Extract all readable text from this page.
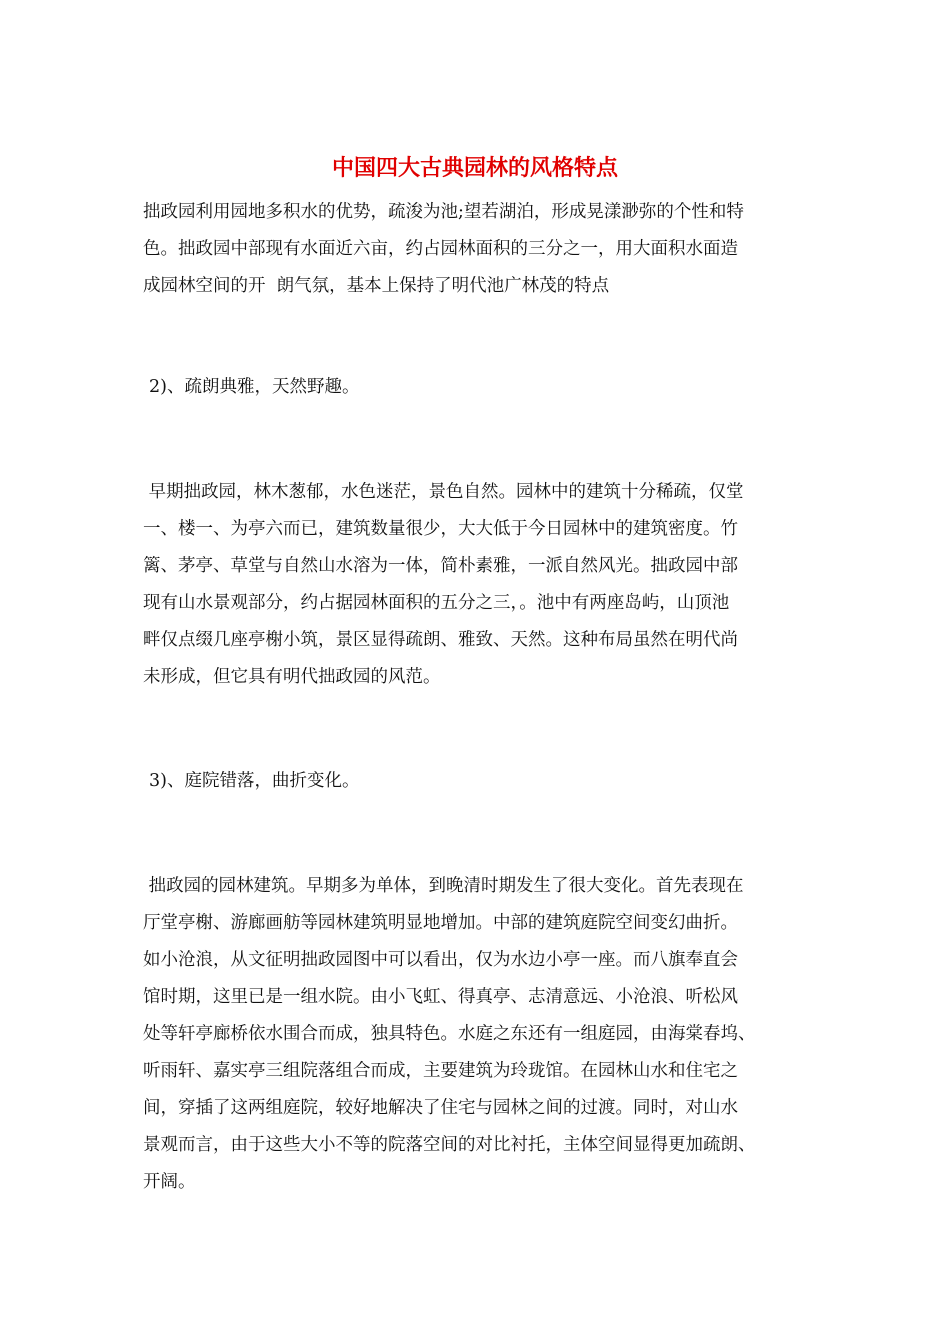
中国四大古典园林的风格特点

拙政园利用园地多积水的优势，疏浚为池;望若湖泊，形成晃漾渺弥的个性和特
色。拙政园中部现有水面近六亩，约占园林面积的三分之一，用大面积水面造
成园林空间的开  朗气氛，基本上保持了明代池广林茂的特点

2)、疏朗典雅，天然野趣。

早期拙政园，林木葱郁，水色迷茫，景色自然。园林中的建筑十分稀疏，仅堂
一、楼一、为亭六而已，建筑数量很少，大大低于今日园林中的建筑密度。竹
篱、茅亭、草堂与自然山水溶为一体，简朴素雅，一派自然风光。拙政园中部
现有山水景观部分，约占据园林面积的五分之三，。池中有两座岛屿，山顶池
畔仅点缀几座亭榭小筑，景区显得疏朗、雅致、天然。这种布局虽然在明代尚
未形成，但它具有明代拙政园的风范。

3)、庭院错落，曲折变化。

拙政园的园林建筑。早期多为单体，到晚清时期发生了很大变化。首先表现在
厅堂亭榭、游廊画舫等园林建筑明显地增加。中部的建筑庭院空间变幻曲折。
如小沧浪，从文征明拙政园图中可以看出，仅为水边小亭一座。而八旗奉直会
馆时期，这里已是一组水院。由小飞虹、得真亭、志清意远、小沧浪、听松风
处等轩亭廊桥依水围合而成，独具特色。水庭之东还有一组庭园，由海棠春坞、
听雨轩、嘉实亭三组院落组合而成，主要建筑为玲珑馆。在园林山水和住宅之
间，穿插了这两组庭院，较好地解决了住宅与园林之间的过渡。同时，对山水
景观而言，由于这些大小不等的院落空间的对比衬托，主体空间显得更加疏朗、
开阔。
